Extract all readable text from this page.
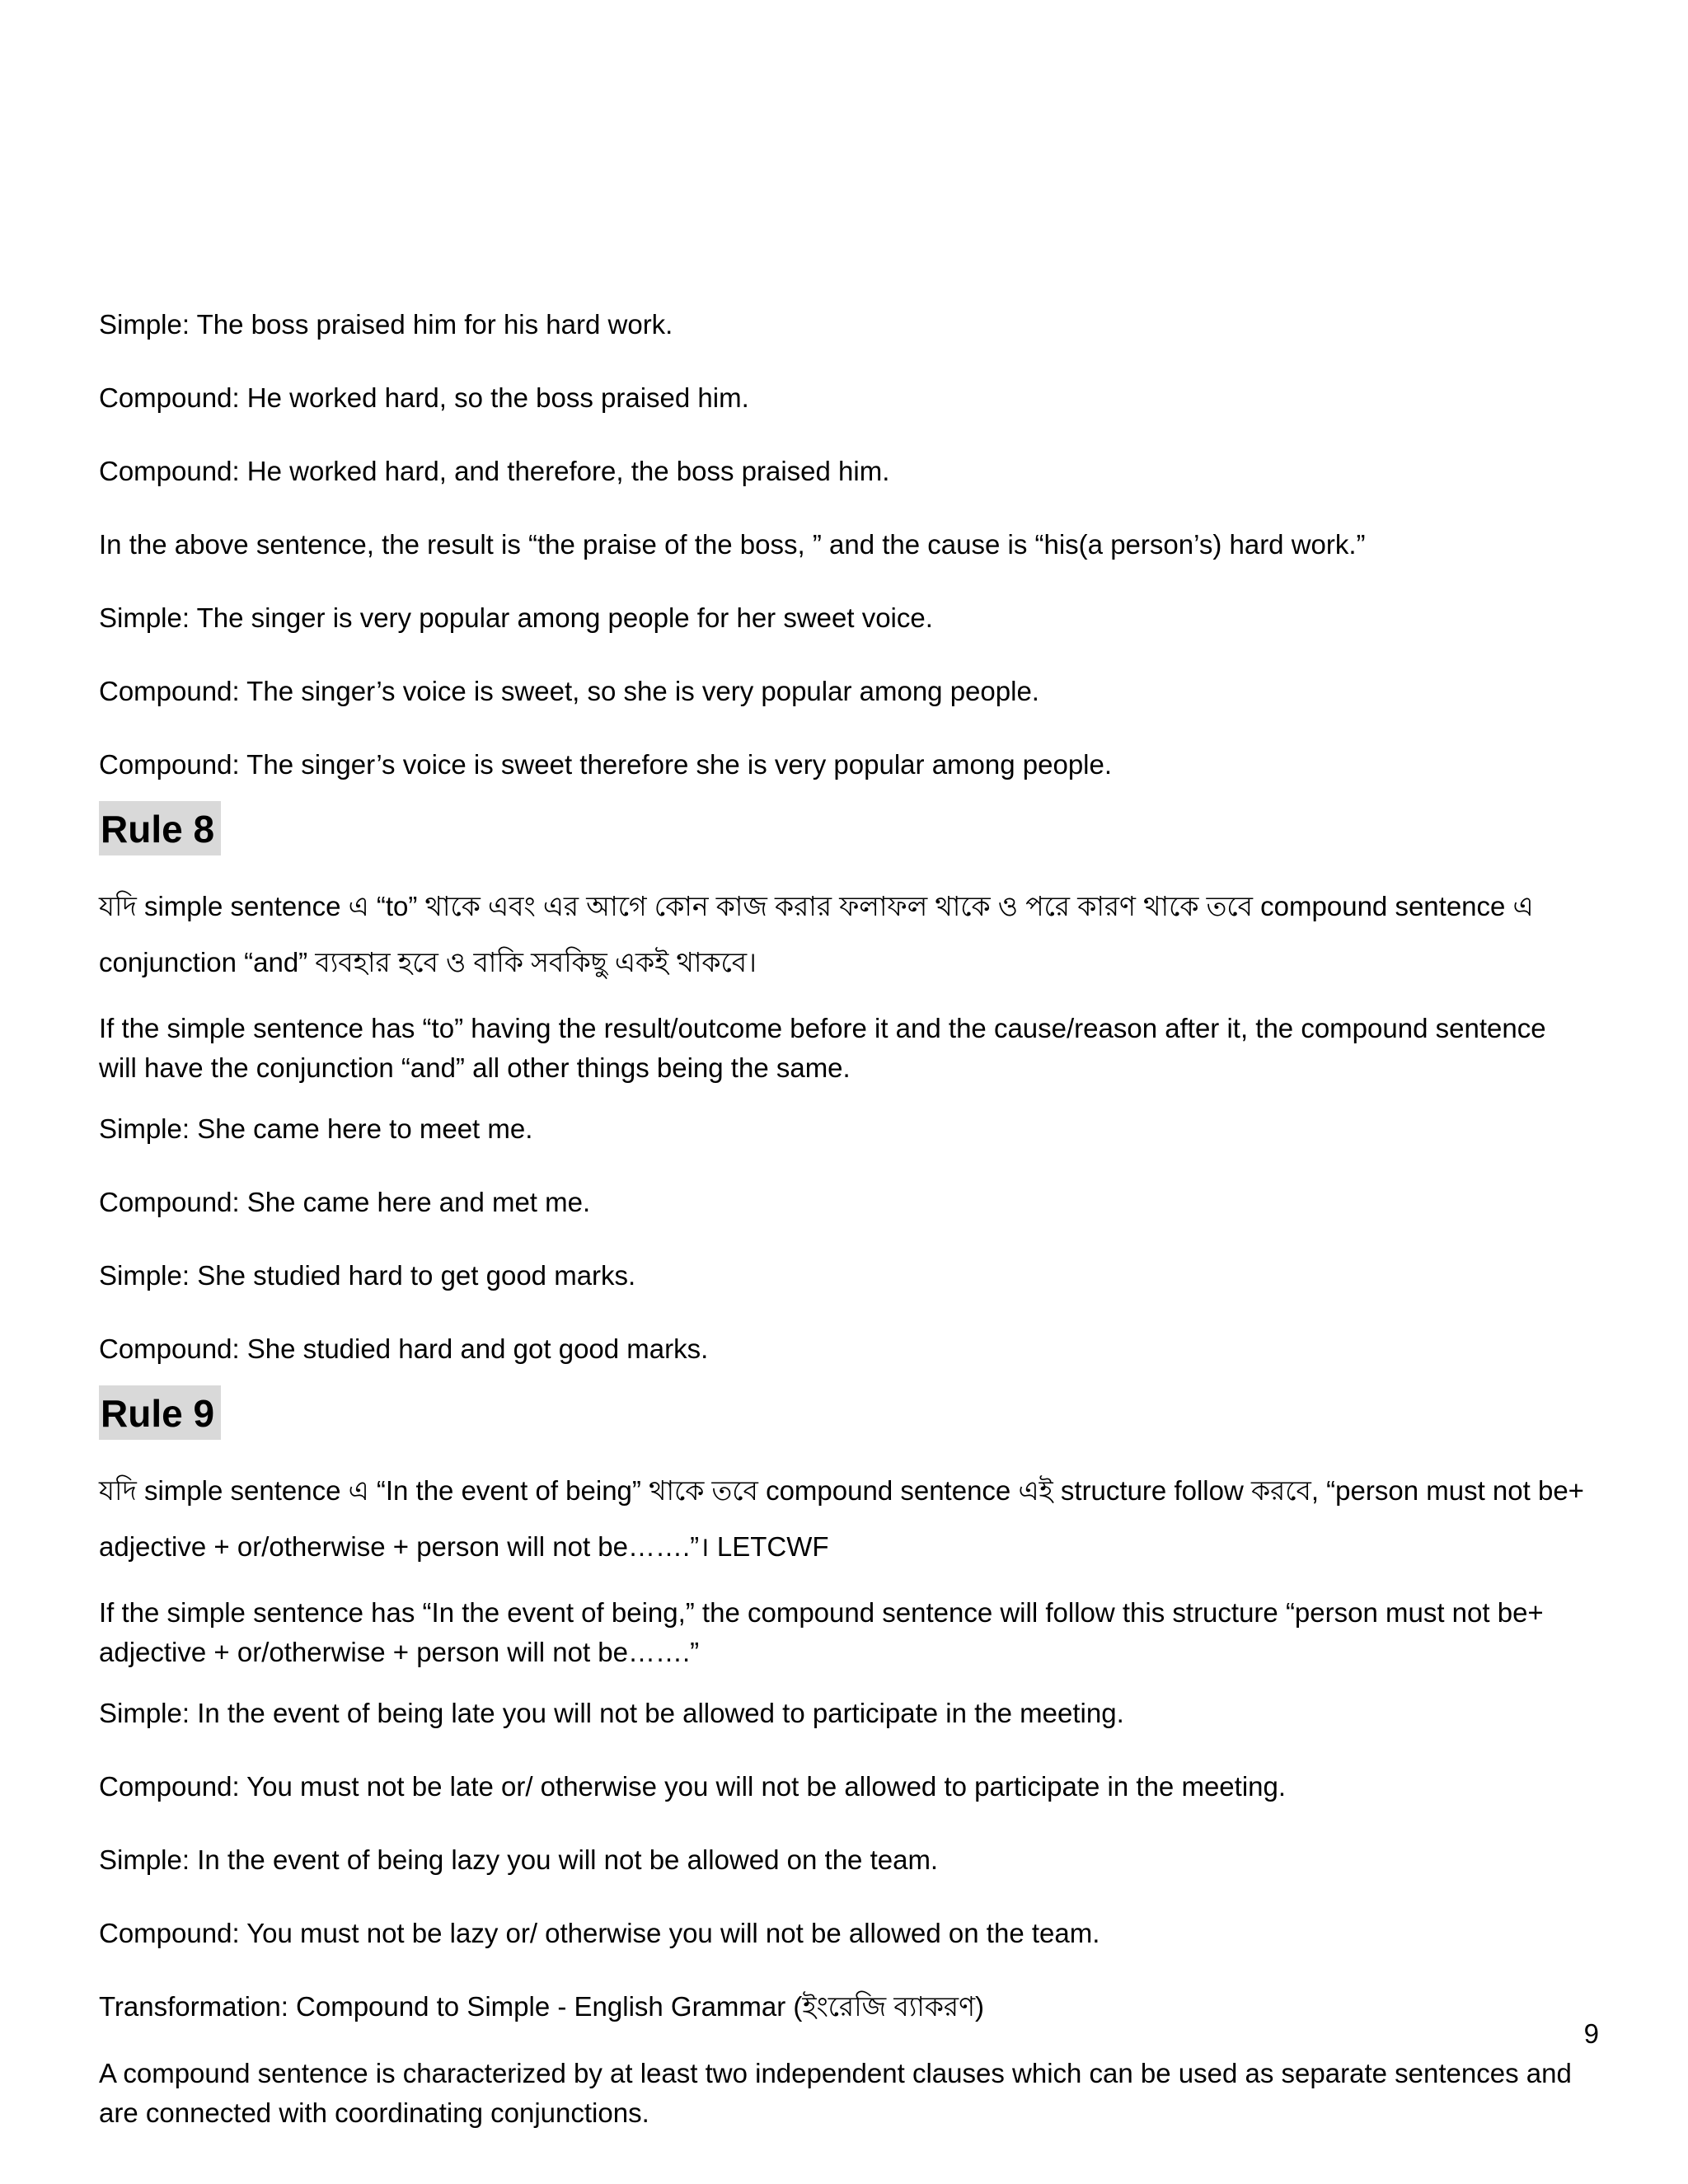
Simple: The boss praised him for his hard work.

Compound: He worked hard, so the boss praised him.

Compound: He worked hard, and therefore, the boss praised him.

In the above sentence, the result is “the praise of the boss, ” and the cause is “his(a person’s) hard work.”

Simple: The singer is very popular among people for her sweet voice.

Compound: The singer’s voice is sweet, so she is very popular among people.

Compound: The singer’s voice is sweet therefore she is very popular among people.

Rule 8

যদি simple sentence এ “to” থাকে এবং এর আগে কোন কাজ করার ফলাফল থাকে ও পরে কারণ থাকে তবে compound sentence এ conjunction “and” ব্যবহার হবে ও বাকি সবকিছু একই থাকবে।

If the simple sentence has “to” having the result/outcome before it and the cause/reason after it, the compound sentence will have the conjunction “and” all other things being the same.

Simple: She came here to meet me.

Compound: She came here and met me.

Simple: She studied hard to get good marks.

Compound: She studied hard and got good marks.

Rule 9

যদি simple sentence এ “In the event of being” থাকে তবে compound sentence এই structure follow করবে, “person must not be+ adjective + or/otherwise + person will not be…….”। LETCWF

If the simple sentence has “In the event of being,” the compound sentence will follow this structure “person must not be+ adjective + or/otherwise + person will not be…….”

Simple: In the event of being late you will not be allowed to participate in the meeting.

Compound: You must not be late or/ otherwise you will not be allowed to participate in the meeting.

Simple: In the event of being lazy you will not be allowed on the team.

Compound: You must not be lazy or/ otherwise you will not be allowed on the team.

Transformation: Compound to Simple - English Grammar (ইংরেজি ব্যাকরণ)

A compound sentence is characterized by at least two independent clauses which can be used as separate sentences and are connected with coordinating conjunctions.

9
